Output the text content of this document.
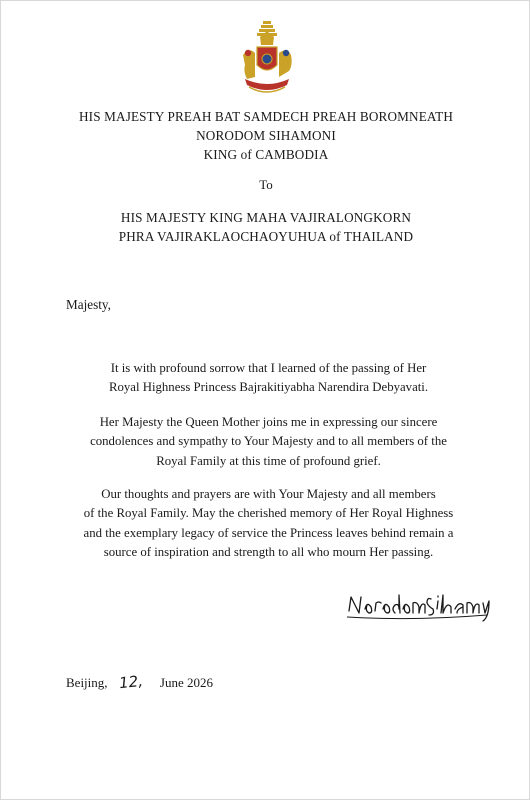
HIS MAJESTY PREAH BAT SAMDECH PREAH BOROMNEATH
NORODOM SIHAMONI
KING of CAMBODIA
To
HIS MAJESTY KING MAHA VAJIRALONGKORN
PHRA VAJIRAKLAOCHAOYUHUA of THAILAND
Majesty,
It is with profound sorrow that I learned of the passing of Her
Royal Highness Princess Bajrakitiyabha Narendira Debyavati.
Her Majesty the Queen Mother joins me in expressing our sincere
condolences and sympathy to Your Majesty and to all members of the
Royal Family at this time of profound grief.
Our thoughts and prayers are with Your Majesty and all members
of the Royal Family. May the cherished memory of Her Royal Highness
and the exemplary legacy of service the Princess leaves behind remain a
source of inspiration and strength to all who mourn Her passing.
Beijing, 12, June 2026
